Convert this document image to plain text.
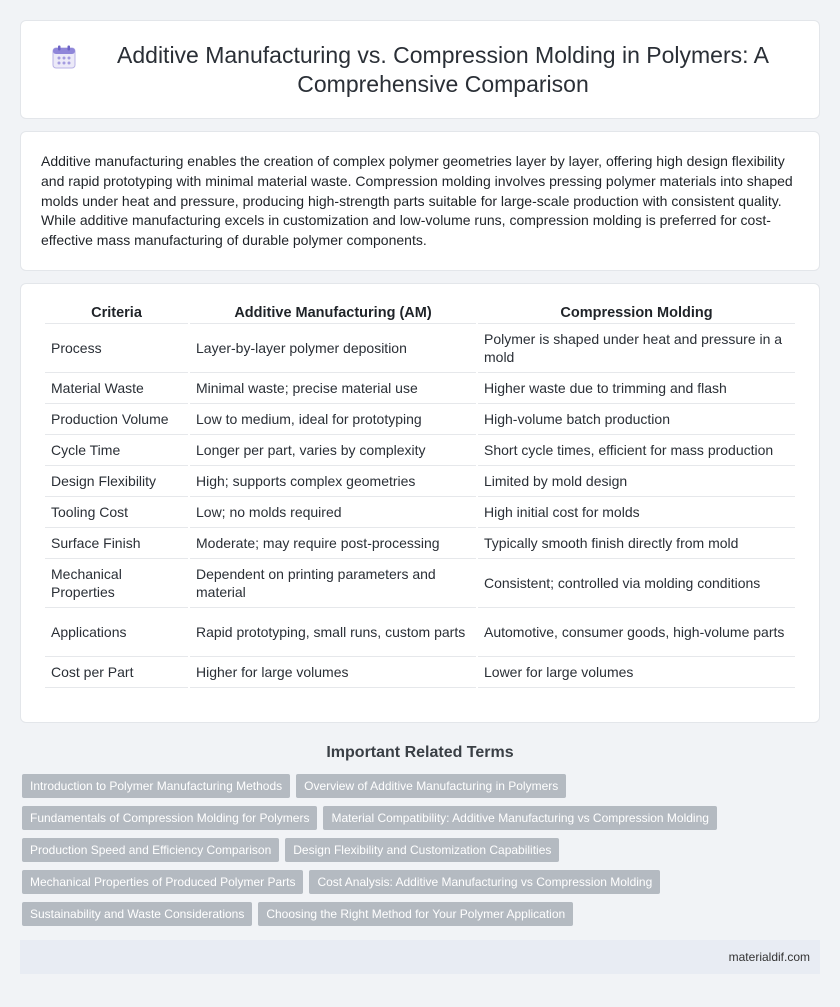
Additive Manufacturing vs. Compression Molding in Polymers: A Comprehensive Comparison

Additive manufacturing enables the creation of complex polymer geometries layer by layer, offering high design flexibility and rapid prototyping with minimal material waste. Compression molding involves pressing polymer materials into shaped molds under heat and pressure, producing high-strength parts suitable for large-scale production with consistent quality. While additive manufacturing excels in customization and low-volume runs, compression molding is preferred for cost-effective mass manufacturing of durable polymer components.

Criteria	Additive Manufacturing (AM)	Compression Molding
Process	Layer-by-layer polymer deposition	Polymer is shaped under heat and pressure in a mold
Material Waste	Minimal waste; precise material use	Higher waste due to trimming and flash
Production Volume	Low to medium, ideal for prototyping	High-volume batch production
Cycle Time	Longer per part, varies by complexity	Short cycle times, efficient for mass production
Design Flexibility	High; supports complex geometries	Limited by mold design
Tooling Cost	Low; no molds required	High initial cost for molds
Surface Finish	Moderate; may require post-processing	Typically smooth finish directly from mold
Mechanical Properties	Dependent on printing parameters and material	Consistent; controlled via molding conditions
Applications	Rapid prototyping, small runs, custom parts	Automotive, consumer goods, high-volume parts
Cost per Part	Higher for large volumes	Lower for large volumes
Important Related Terms
Introduction to Polymer Manufacturing Methods	Overview of Additive Manufacturing in Polymers
Fundamentals of Compression Molding for Polymers	Material Compatibility: Additive Manufacturing vs Compression Molding
Production Speed and Efficiency Comparison	Design Flexibility and Customization Capabilities
Mechanical Properties of Produced Polymer Parts	Cost Analysis: Additive Manufacturing vs Compression Molding
Sustainability and Waste Considerations	Choosing the Right Method for Your Polymer Application
materialdif.com
